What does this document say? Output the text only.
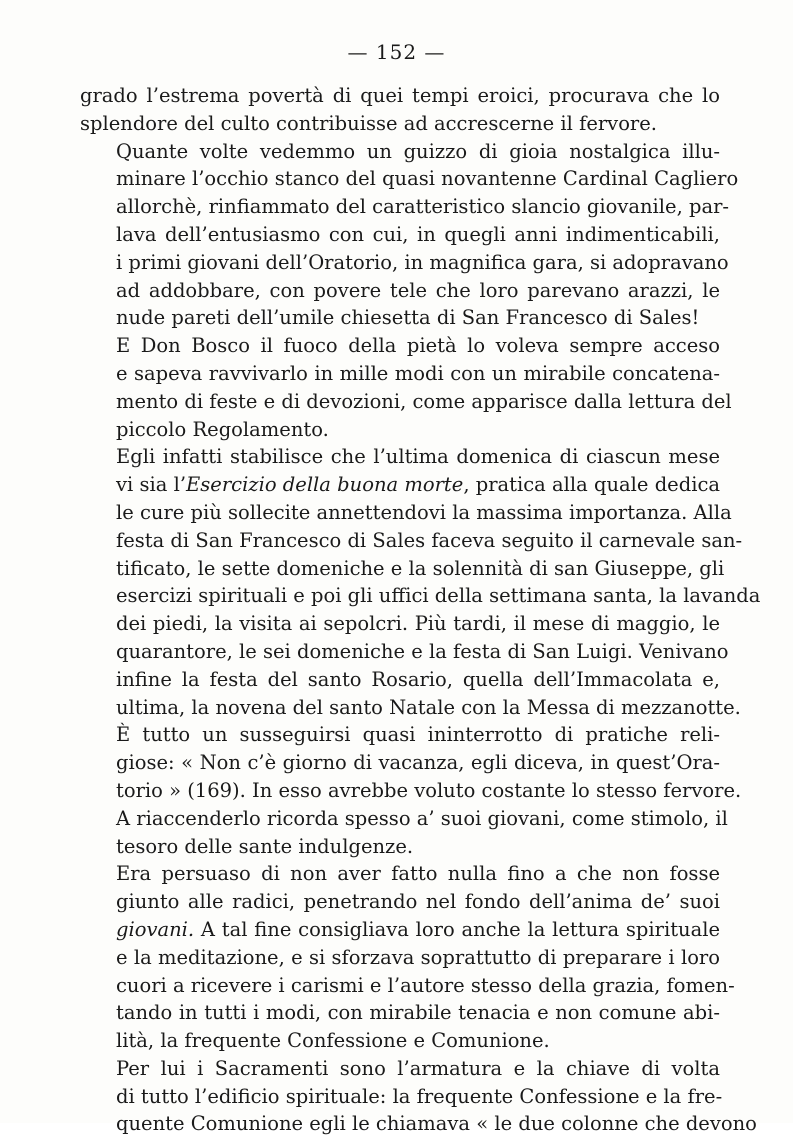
— 152 —

grado l’estrema povertà di quei tempi eroici, procurava che lo
splendore del culto contribuisse ad accrescerne il fervore.

Quante volte vedemmo un guizzo di gioia nostalgica illu-
minare l’occhio stanco del quasi novantenne Cardinal Cagliero
allorchè, rinfiammato del caratteristico slancio giovanile, par-
lava dell’entusiasmo con cui, in quegli anni indimenticabili,
i primi giovani dell’Oratorio, in magnifica gara, si adopravano
ad addobbare, con povere tele che loro parevano arazzi, le
nude pareti dell’umile chiesetta di San Francesco di Sales!

E Don Bosco il fuoco della pietà lo voleva sempre acceso
e sapeva ravvivarlo in mille modi con un mirabile concatena-
mento di feste e di devozioni, come apparisce dalla lettura del
piccolo Regolamento.

Egli infatti stabilisce che l’ultima domenica di ciascun mese
vi sia l’Esercizio della buona morte, pratica alla quale dedica
le cure più sollecite annettendovi la massima importanza. Alla
festa di San Francesco di Sales faceva seguito il carnevale san-
tificato, le sette domeniche e la solennità di san Giuseppe, gli
esercizi spirituali e poi gli uffici della settimana santa, la lavanda
dei piedi, la visita ai sepolcri. Più tardi, il mese di maggio, le
quarantore, le sei domeniche e la festa di San Luigi. Venivano
infine la festa del santo Rosario, quella dell’Immacolata e,
ultima, la novena del santo Natale con la Messa di mezzanotte.

È tutto un susseguirsi quasi ininterrotto di pratiche reli-
giose: « Non c’è giorno di vacanza, egli diceva, in quest’Ora-
torio » (169). In esso avrebbe voluto costante lo stesso fervore.
A riaccenderlo ricorda spesso a’ suoi giovani, come stimolo, il
tesoro delle sante indulgenze.

Era persuaso di non aver fatto nulla fino a che non fosse
giunto alle radici, penetrando nel fondo dell’anima de’ suoi
giovani. A tal fine consigliava loro anche la lettura spirituale
e la meditazione, e si sforzava soprattutto di preparare i loro
cuori a ricevere i carismi e l’autore stesso della grazia, fomen-
tando in tutti i modi, con mirabile tenacia e non comune abi-
lità, la frequente Confessione e Comunione.

Per lui i Sacramenti sono l’armatura e la chiave di volta
di tutto l’edificio spirituale: la frequente Confessione e la fre-
quente Comunione egli le chiamava « le due colonne che devono
